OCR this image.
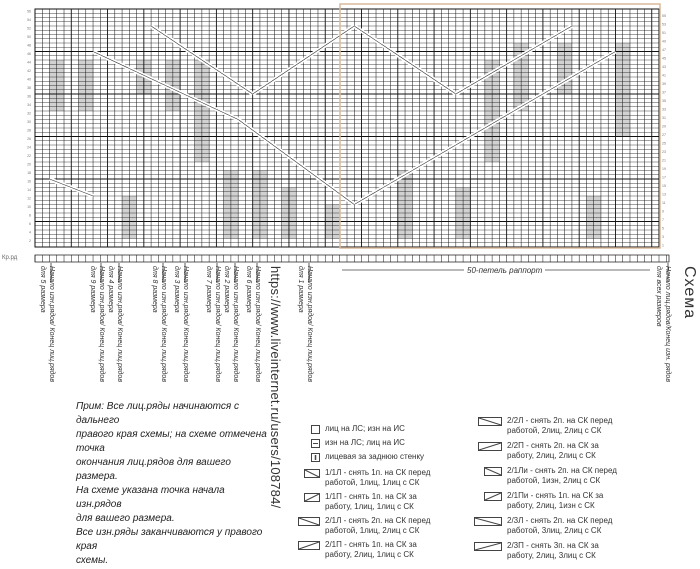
56
54
52
50
48
46
44
42
40
38
36
34
32
30
28
26
24
22
20
18
16
14
12
10
8
6
4
2
55
53
51
49
47
45
43
41
39
37
35
33
31
29
27
25
23
21
19
17
15
13
11
9
7
5
3
1
50-петель раппорт
Кр.рд
https://www.liveinternet.ru/users/108784/	Схема
Начало изн.рядов/ Конец лиц.рядов
для 5 размера	Начало изн.рядов/ Конец лиц.рядов
для 9 размера	Начало изн.рядов/ Конец лиц.рядов
для 4 размера	Начало изн.рядов/ Конец лиц.рядов
для 8 размера	Начало изн.рядов/ Конец лиц.рядов
для 3 размера	Начало изн.рядов/ Конец лиц.рядов
для 7 размера	Начало изн.рядов/ Конец лиц.рядов
для 2 размера	Начало изн.рядов/ Конец лиц.рядов
для 6 размера	Начало изн.рядов/ Конец лиц.рядов
для 1 размера	Начало лиц.рядов/Конец изн. рядов
для всех размеров
Прим: Все лиц.ряды начинаются с дальнего
правого края схемы; на схеме отмечена точка
окончания лиц.рядов для вашего размера.
На схеме указана точка начала изн.рядов
для вашего размера.
Все изн.ряды заканчиваются у правого края
схемы.
лиц на ЛС; изн на ИС
изн на ЛС; лиц на ИС
лицевая за заднюю стенку
1/1Л - снять 1п. на СК перед
работой, 1лиц, 1лиц с СК
1/1П - снять 1п. на СК за
работу, 1лиц, 1лиц с СК
2/1Л - снять 2п. на СК перед
работой, 1лиц, 2лиц с СК
2/1П - снять 1п. на СК за
работу, 2лиц, 1лиц с СК
2/2Л - снять 2п. на СК перед
работой, 2лиц, 2лиц с СК
2/2П - снять 2п. на СК за
работу, 2лиц, 2лиц с СК
2/1Ли - снять 2п. на СК перед
работой, 1изн, 2лиц с СК
2/1Пи - снять 1п. на СК за
работу, 2лиц, 1изн с СК
2/3Л - снять 2п. на СК перед
работой, 3лиц, 2лиц с СК
2/3П - снять 3п. на СК за
работу, 2лиц, 3лиц с СК
